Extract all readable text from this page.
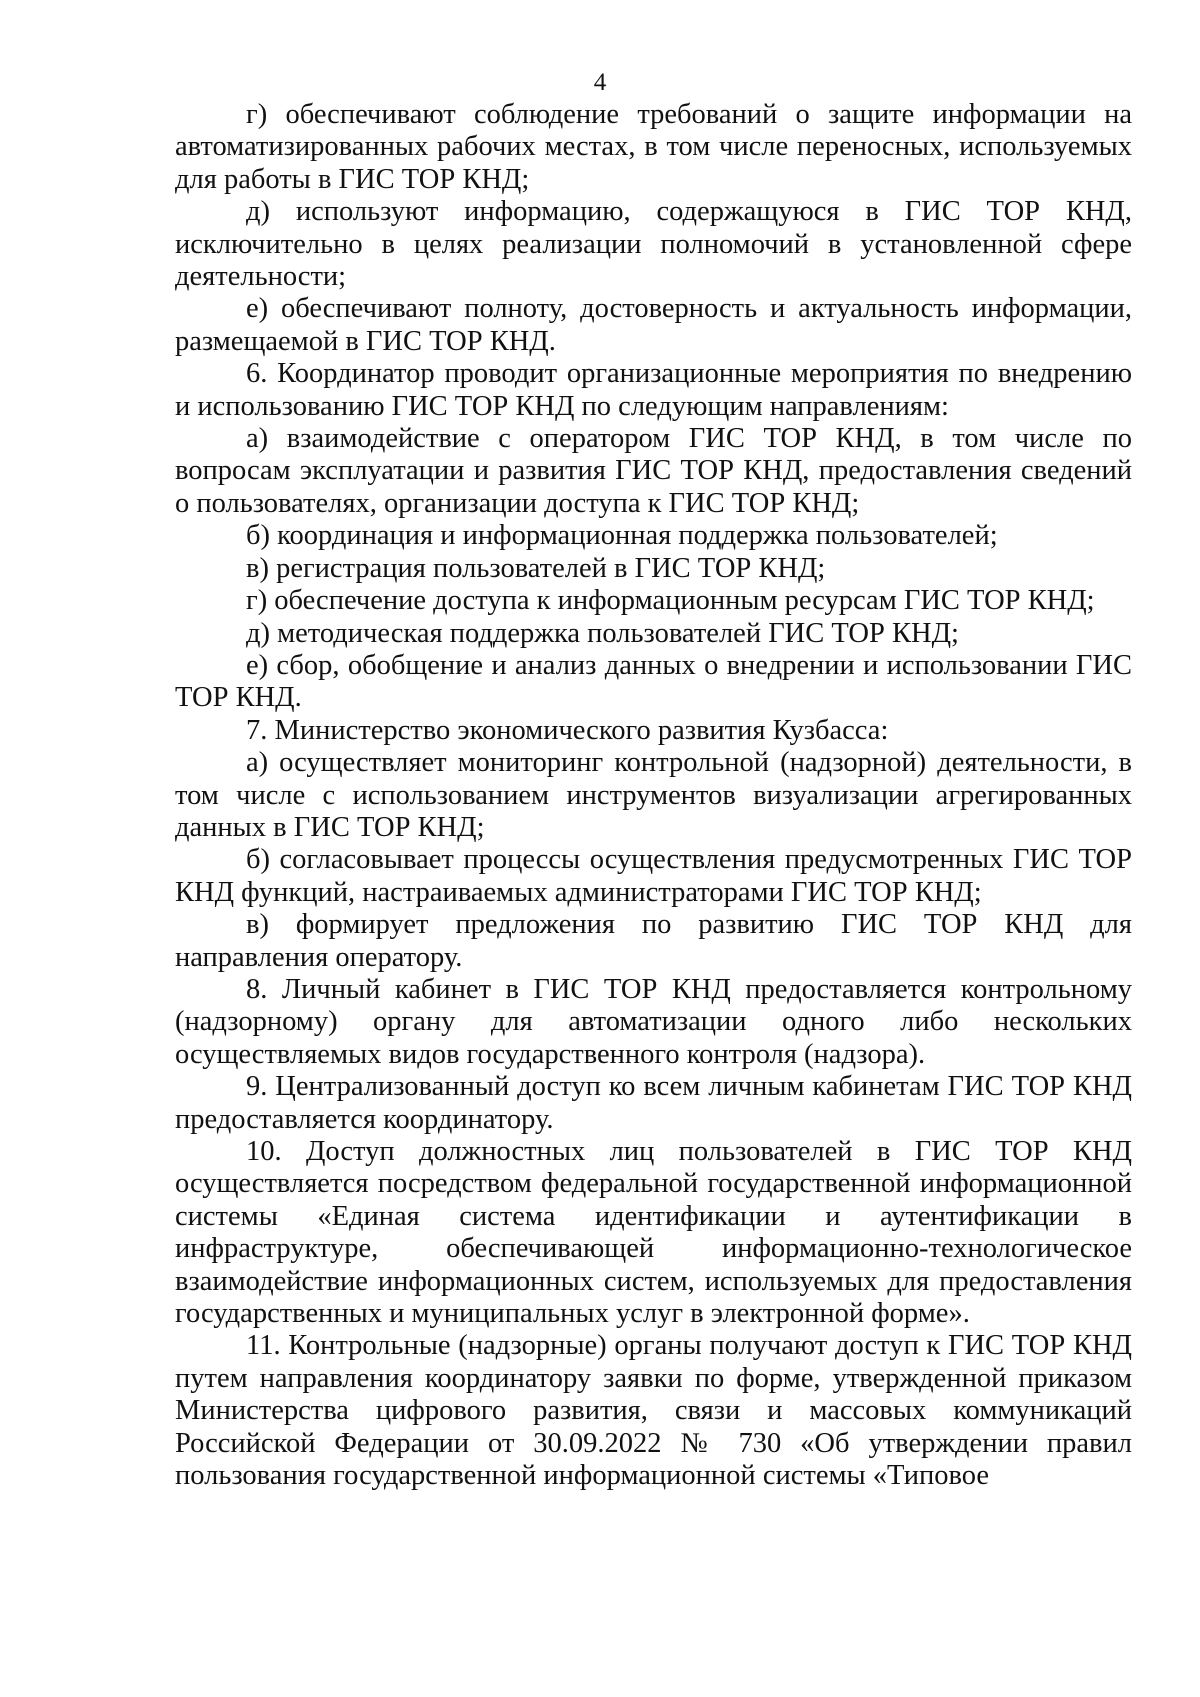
4

г) обеспечивают соблюдение требований о защите информации на автоматизированных рабочих местах, в том числе переносных, используемых для работы в ГИС ТОР КНД;

д) используют информацию, содержащуюся в ГИС ТОР КНД, исключительно в целях реализации полномочий в установленной сфере деятельности;

е) обеспечивают полноту, достоверность и актуальность информации, размещаемой в ГИС ТОР КНД.

6. Координатор проводит организационные мероприятия по внедрению и использованию ГИС ТОР КНД по следующим направлениям:

а) взаимодействие с оператором ГИС ТОР КНД, в том числе по вопросам эксплуатации и развития ГИС ТОР КНД, предоставления сведений о пользователях, организации доступа к ГИС ТОР КНД;

б) координация и информационная поддержка пользователей;

в) регистрация пользователей в ГИС ТОР КНД;

г) обеспечение доступа к информационным ресурсам ГИС ТОР КНД;

д) методическая поддержка пользователей ГИС ТОР КНД;

е) сбор, обобщение и анализ данных о внедрении и использовании ГИС ТОР КНД.

7. Министерство экономического развития Кузбасса:

а) осуществляет мониторинг контрольной (надзорной) деятельности, в том числе с использованием инструментов визуализации агрегированных данных в ГИС ТОР КНД;

б) согласовывает процессы осуществления предусмотренных ГИС ТОР КНД функций, настраиваемых администраторами ГИС ТОР КНД;

в) формирует предложения по развитию ГИС ТОР КНД для направления оператору.

8. Личный кабинет в ГИС ТОР КНД предоставляется контрольному (надзорному) органу для автоматизации одного либо нескольких осуществляемых видов государственного контроля (надзора).

9. Централизованный доступ ко всем личным кабинетам ГИС ТОР КНД предоставляется координатору.

10. Доступ должностных лиц пользователей в ГИС ТОР КНД осуществляется посредством федеральной государственной информационной системы «Единая система идентификации и аутентификации в инфраструктуре, обеспечивающей информационно-технологическое взаимодействие информационных систем, используемых для предоставления государственных и муниципальных услуг в электронной форме».

11. Контрольные (надзорные) органы получают доступ к ГИС ТОР КНД путем направления координатору заявки по форме, утвержденной приказом Министерства цифрового развития, связи и массовых коммуникаций Российской Федерации от 30.09.2022 № 730 «Об утверждении правил пользования государственной информационной системы «Типовое
